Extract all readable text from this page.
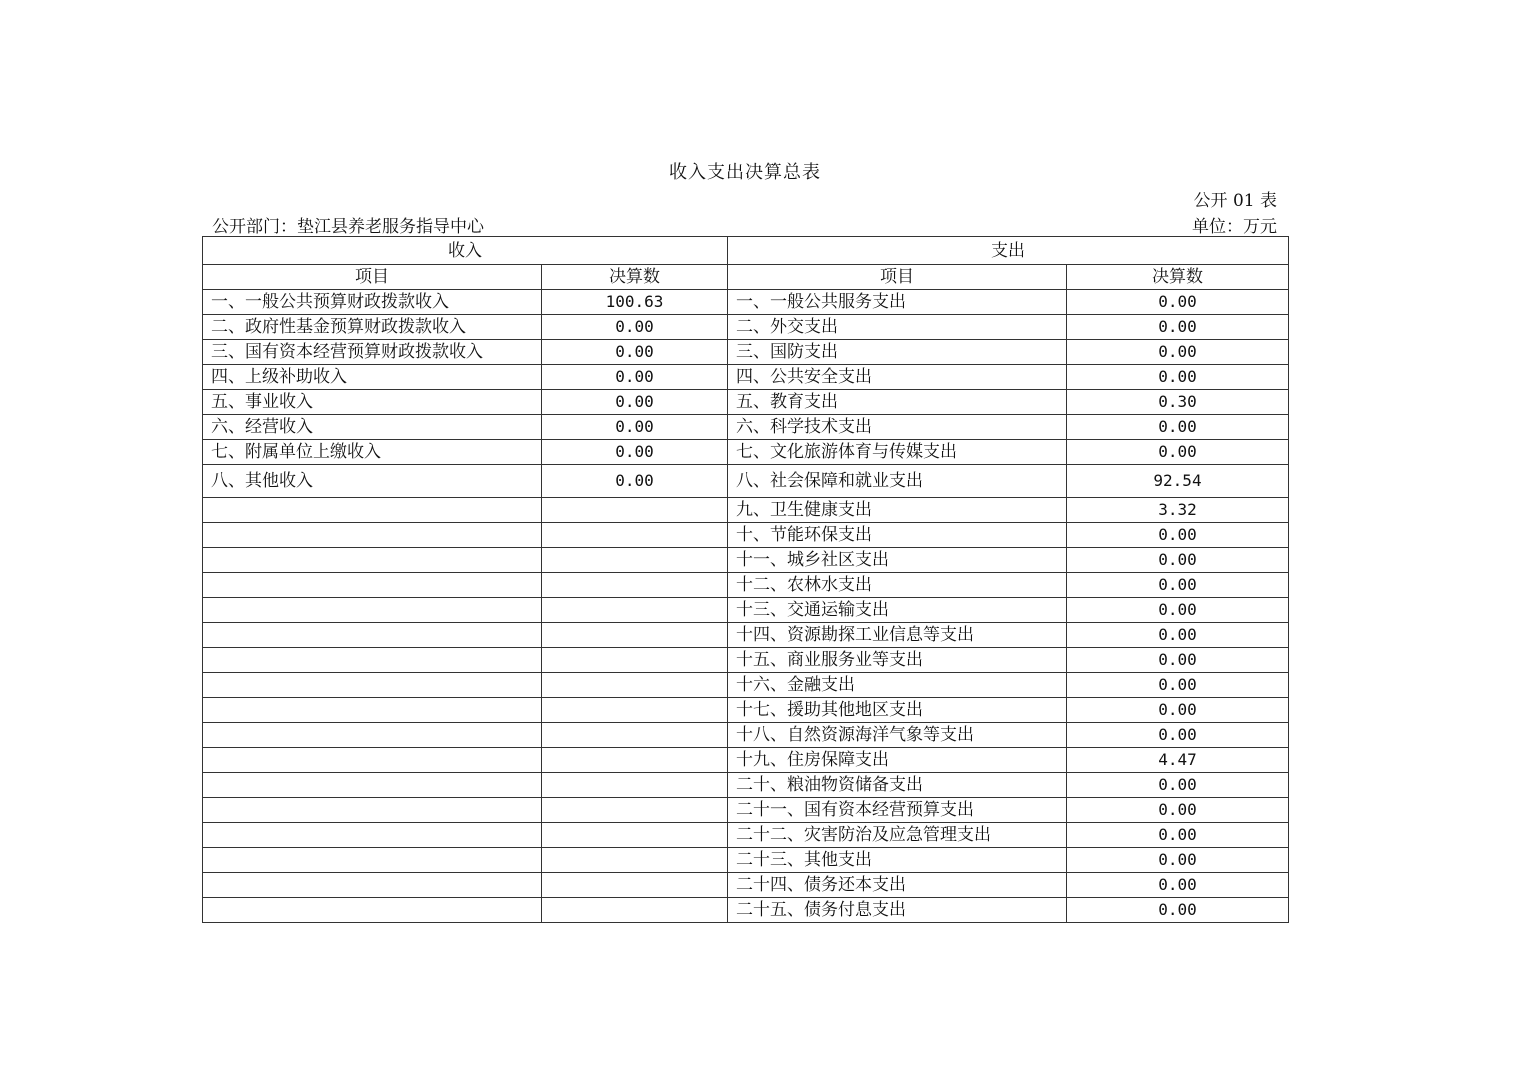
收入支出决算总表
公开 01 表
公开部门：垫江县养老服务指导中心	单位：万元
收入		支出	
项目	决算数	项目	决算数
一、一般公共预算财政拨款收入	100.63	一、一般公共服务支出	0.00
二、政府性基金预算财政拨款收入	0.00	二、外交支出	0.00
三、国有资本经营预算财政拨款收入	0.00	三、国防支出	0.00
四、上级补助收入	0.00	四、公共安全支出	0.00
五、事业收入	0.00	五、教育支出	0.30
六、经营收入	0.00	六、科学技术支出	0.00
七、附属单位上缴收入	0.00	七、文化旅游体育与传媒支出	0.00
八、其他收入	0.00	八、社会保障和就业支出	92.54
		九、卫生健康支出	3.32
		十、节能环保支出	0.00
		十一、城乡社区支出	0.00
		十二、农林水支出	0.00
		十三、交通运输支出	0.00
		十四、资源勘探工业信息等支出	0.00
		十五、商业服务业等支出	0.00
		十六、金融支出	0.00
		十七、援助其他地区支出	0.00
		十八、自然资源海洋气象等支出	0.00
		十九、住房保障支出	4.47
		二十、粮油物资储备支出	0.00
		二十一、国有资本经营预算支出	0.00
		二十二、灾害防治及应急管理支出	0.00
		二十三、其他支出	0.00
		二十四、债务还本支出	0.00
		二十五、债务付息支出	0.00
